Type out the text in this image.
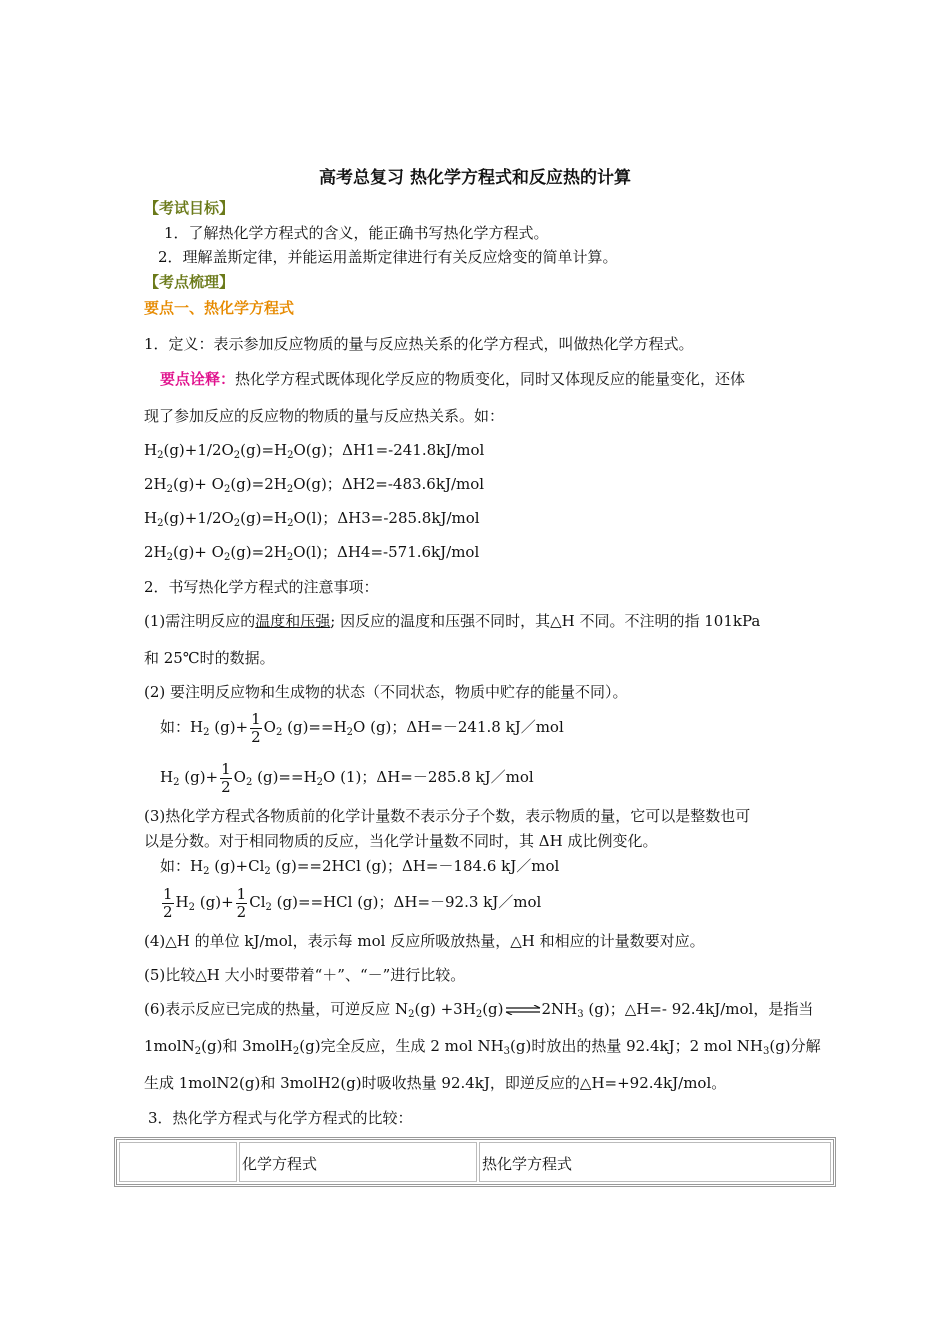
高考总复习 热化学方程式和反应热的计算
【考试目标】
1．了解热化学方程式的含义，能正确书写热化学方程式。
2．理解盖斯定律，并能运用盖斯定律进行有关反应焓变的简单计算。
【考点梳理】
要点一、热化学方程式
1．定义：表示参加反应物质的量与反应热关系的化学方程式，叫做热化学方程式。
要点诠释：热化学方程式既体现化学反应的物质变化，同时又体现反应的能量变化，还体
现了参加反应的反应物的物质的量与反应热关系。如：
$H_2(g)+1/2O_2(g)=H_2O(g)$；ΔH1=-241.8kJ/mol
$2H_2(g)+ O_2(g)=2H_2O(g)$；ΔH2=-483.6kJ/mol
$H_2(g)+1/2O_2(g)=H_2O(l)$；ΔH3=-285.8kJ/mol
$2H_2(g)+ O_2(g)=2H_2O(l)$；ΔH4=-571.6kJ/mol
2．书写热化学方程式的注意事项：
(1)需注明反应的温度和压强; 因反应的温度和压强不同时，其△H 不同。不注明的指 101kPa
和 25℃时的数据。
(2) 要注明反应物和生成物的状态（不同状态，物质中贮存的能量不同）。
如：$H_2$ $(g)+ \frac{1}{2} O_2$ $(g)==H_2O$ (g)；ΔH=－241.8 kJ／mol
$H_2$ $(g)+ \frac{1}{2} O_2$ $(g)==H_2O$ (1)；ΔH=－285.8 kJ／mol
(3)热化学方程式各物质前的化学计量数不表示分子个数，表示物质的量，它可以是整数也可
以是分数。对于相同物质的反应，当化学计量数不同时，其 ΔH 成比例变化。
如：$H_2$ $(g)+Cl_2$ (g)==2HCl (g)；ΔH=－184.6 kJ／mol
$\frac{1}{2} H_2$ $(g)+ \frac{1}{2} Cl_2$ (g)==HCl (g)；ΔH=－92.3 kJ／mol
(4)△H 的单位 kJ/mol，表示每 mol 反应所吸放热量，△H 和相应的计量数要对应。
(5)比较△H 大小时要带着“＋”、“－”进行比较。
(6)表示反应已完成的热量，可逆反应 $N_2(g)$ $+3H_2(g)\rightleftharpoons 2NH_3$ (g)；△H=- 92.4kJ/mol，是指当
1molN$_2$(g)和 3molH$_2$(g)完全反应，生成 2 mol $NH_3(g)$时放出的热量 92.4kJ；2 mol $NH_3(g)$分解
生成 1molN2(g)和 3molH2(g)时吸收热量 92.4kJ，即逆反应的△H=+92.4kJ/mol。
3．热化学方程式与化学方程式的比较：
	化学方程式	热化学方程式
